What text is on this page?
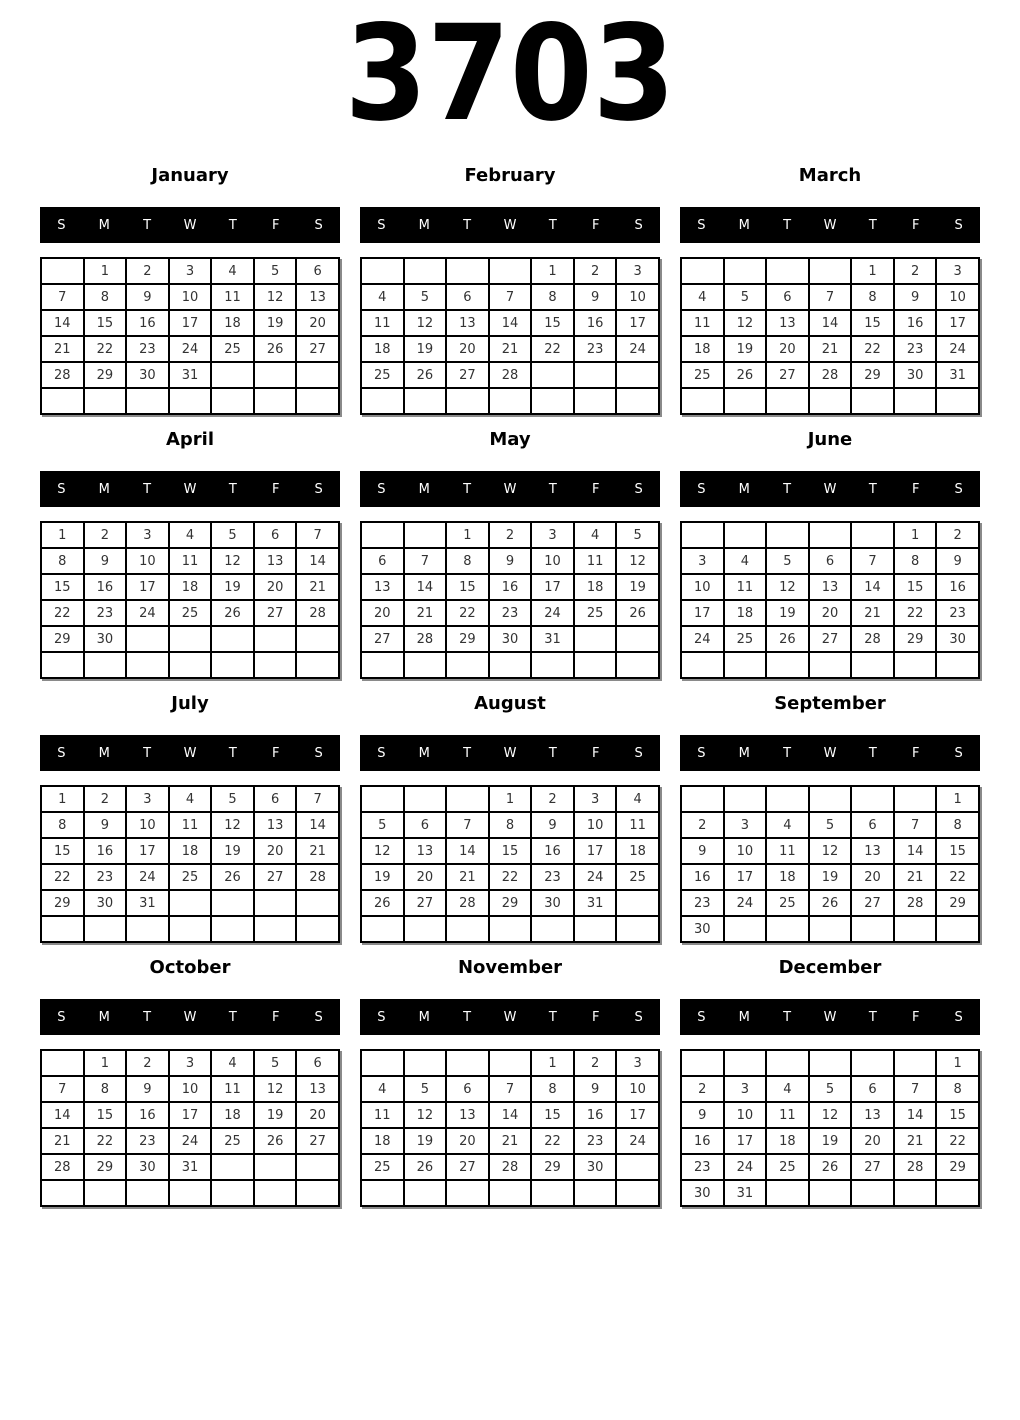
3703
January
S	M	T	W	T	F	S
	1	2	3	4	5	6
7	8	9	10	11	12	13
14	15	16	17	18	19	20
21	22	23	24	25	26	27
28	29	30	31			

February
S	M	T	W	T	F	S
				1	2	3
4	5	6	7	8	9	10
11	12	13	14	15	16	17
18	19	20	21	22	23	24
25	26	27	28			

March
S	M	T	W	T	F	S
				1	2	3
4	5	6	7	8	9	10
11	12	13	14	15	16	17
18	19	20	21	22	23	24
25	26	27	28	29	30	31

April
S	M	T	W	T	F	S
1	2	3	4	5	6	7
8	9	10	11	12	13	14
15	16	17	18	19	20	21
22	23	24	25	26	27	28
29	30					

May
S	M	T	W	T	F	S
		1	2	3	4	5
6	7	8	9	10	11	12
13	14	15	16	17	18	19
20	21	22	23	24	25	26
27	28	29	30	31		

June
S	M	T	W	T	F	S
					1	2
3	4	5	6	7	8	9
10	11	12	13	14	15	16
17	18	19	20	21	22	23
24	25	26	27	28	29	30

July
S	M	T	W	T	F	S
1	2	3	4	5	6	7
8	9	10	11	12	13	14
15	16	17	18	19	20	21
22	23	24	25	26	27	28
29	30	31				

August
S	M	T	W	T	F	S
			1	2	3	4
5	6	7	8	9	10	11
12	13	14	15	16	17	18
19	20	21	22	23	24	25
26	27	28	29	30	31	

September
S	M	T	W	T	F	S
						1
2	3	4	5	6	7	8
9	10	11	12	13	14	15
16	17	18	19	20	21	22
23	24	25	26	27	28	29
30						
October
S	M	T	W	T	F	S
	1	2	3	4	5	6
7	8	9	10	11	12	13
14	15	16	17	18	19	20
21	22	23	24	25	26	27
28	29	30	31			

November
S	M	T	W	T	F	S
				1	2	3
4	5	6	7	8	9	10
11	12	13	14	15	16	17
18	19	20	21	22	23	24
25	26	27	28	29	30	

December
S	M	T	W	T	F	S
						1
2	3	4	5	6	7	8
9	10	11	12	13	14	15
16	17	18	19	20	21	22
23	24	25	26	27	28	29
30	31					
